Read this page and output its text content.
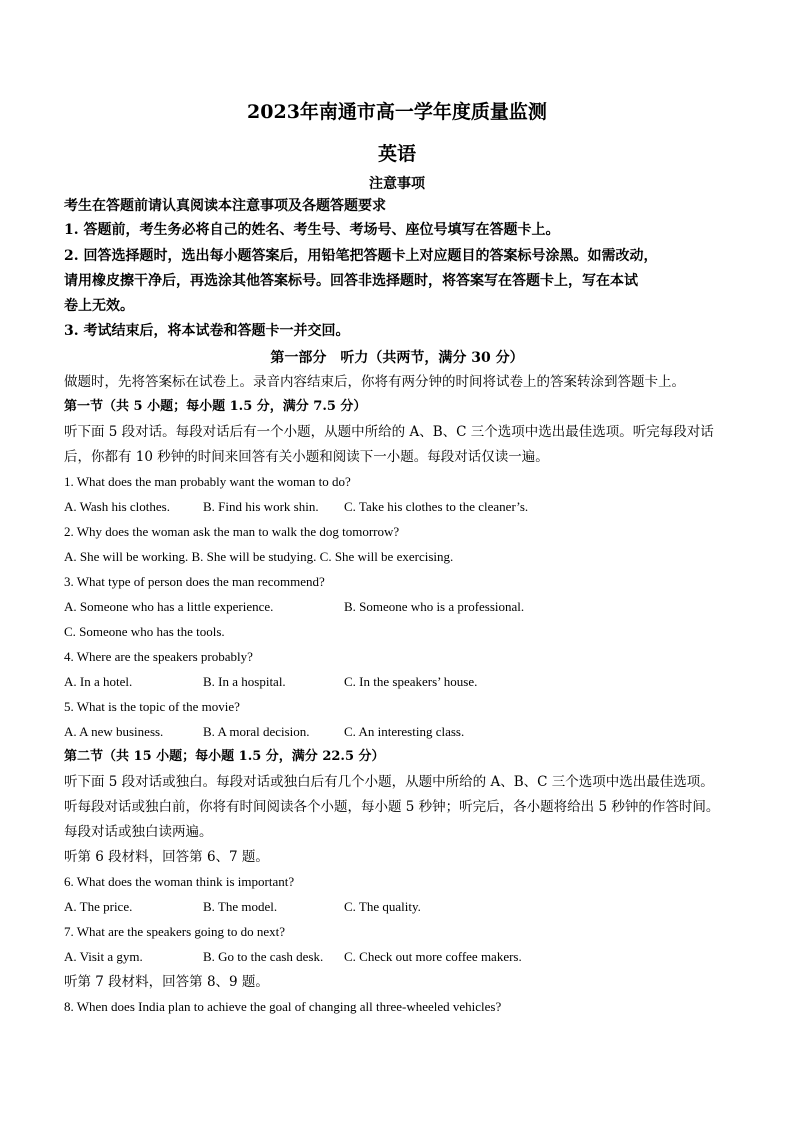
2023年南通市高一学年度质量监测
英语
注意事项
考生在答题前请认真阅读本注意事项及各题答题要求
1. 答题前，考生务必将自己的姓名、考生号、考场号、座位号填写在答题卡上。
2. 回答选择题时，选出每小题答案后，用铅笔把答题卡上对应题目的答案标号涂黑。如需改动，
请用橡皮擦干净后，再选涂其他答案标号。回答非选择题时，将答案写在答题卡上，写在本试
卷上无效。
3. 考试结束后，将本试卷和答题卡一并交回。
第一部分　听力（共两节，满分 30 分）
做题时，先将答案标在试卷上。录音内容结束后，你将有两分钟的时间将试卷上的答案转涂到答题卡上。
第一节（共 5 小题；每小题 1.5 分，满分 7.5 分）
听下面 5 段对话。每段对话后有一个小题，从题中所给的 A、B、C 三个选项中选出最佳选项。听完每段对话
后，你都有 10 秒钟的时间来回答有关小题和阅读下一小题。每段对话仅读一遍。
1. What does the man probably want the woman to do?
A. Wash his clothes.	B. Find his work shin. C. Take his clothes to the cleaner’s.
2. Why does the woman ask the man to walk the dog tomorrow?
A. She will be working. B. She will be studying. C. She will be exercising.
3. What type of person does the man recommend?
A. Someone who has a little experience.	B. Someone who is a professional.
C. Someone who has the tools.
4. Where are the speakers probably?
A. In a hotel.	B. In a hospital.	C. In the speakers’ house.
5. What is the topic of the movie?
A. A new business.	B. A moral decision.	C. An interesting class.
第二节（共 15 小题；每小题 1.5 分，满分 22.5 分）
听下面 5 段对话或独白。每段对话或独白后有几个小题，从题中所给的 A、B、C 三个选项中选出最佳选项。
听每段对话或独白前，你将有时间阅读各个小题，每小题 5 秒钟；听完后，各小题将给出 5 秒钟的作答时间。
每段对话或独白读两遍。
听第 6 段材料，回答第 6、7 题。
6. What does the woman think is important?
A. The price.	B. The model.	C. The quality.
7. What are the speakers going to do next?
A. Visit a gym.	B. Go to the cash desk. C. Check out more coffee makers.
听第 7 段材料，回答第 8、9 题。
8. When does India plan to achieve the goal of changing all three-wheeled vehicles?
